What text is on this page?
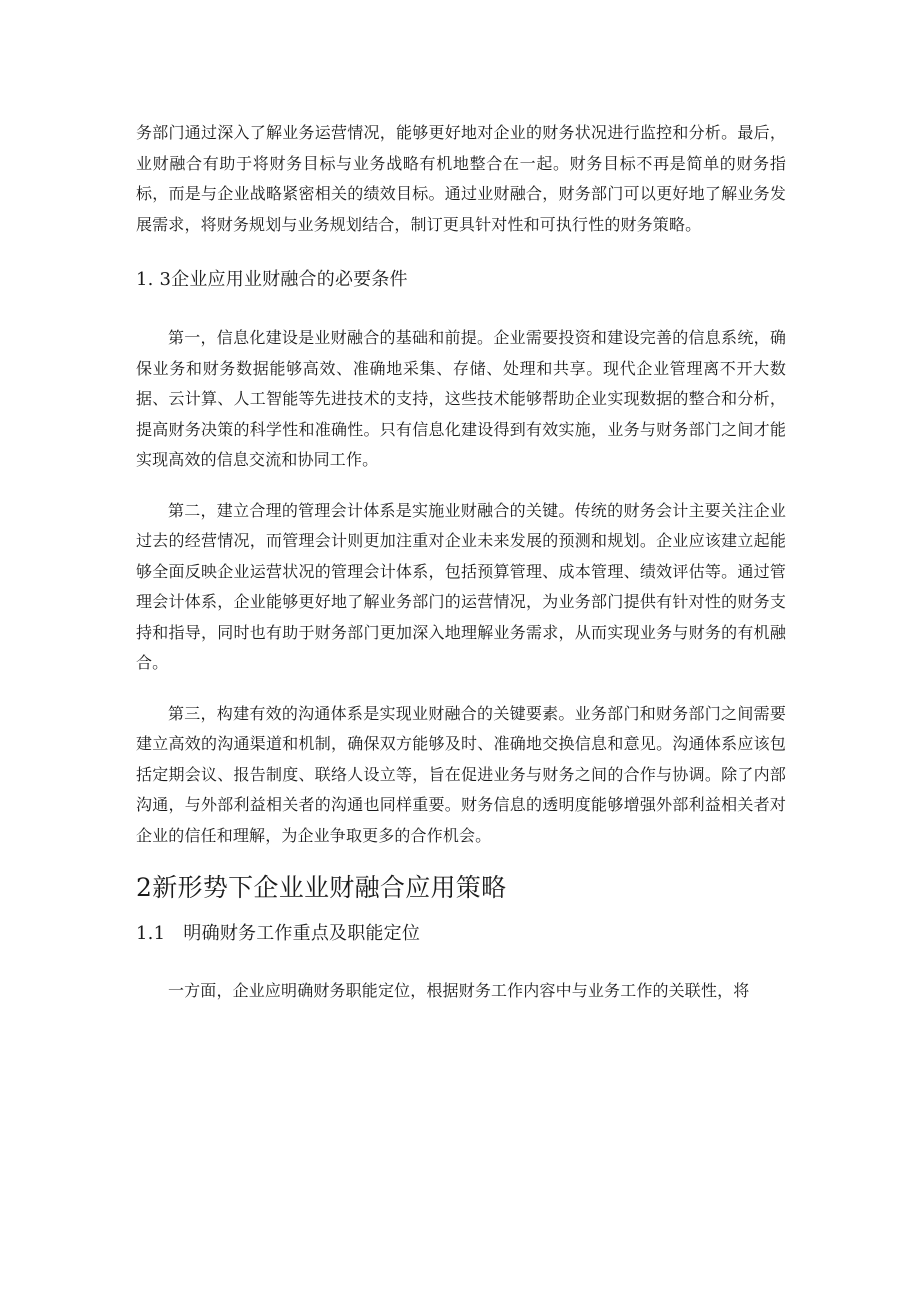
务部门通过深入了解业务运营情况，能够更好地对企业的财务状况进行监控和分析。最后，业财融合有助于将财务目标与业务战略有机地整合在一起。财务目标不再是简单的财务指标，而是与企业战略紧密相关的绩效目标。通过业财融合，财务部门可以更好地了解业务发展需求，将财务规划与业务规划结合，制订更具针对性和可执行性的财务策略。

1. 3企业应用业财融合的必要条件

第一，信息化建设是业财融合的基础和前提。企业需要投资和建设完善的信息系统，确保业务和财务数据能够高效、准确地采集、存储、处理和共享。现代企业管理离不开大数据、云计算、人工智能等先进技术的支持，这些技术能够帮助企业实现数据的整合和分析，提高财务决策的科学性和准确性。只有信息化建设得到有效实施，业务与财务部门之间才能实现高效的信息交流和协同工作。

第二，建立合理的管理会计体系是实施业财融合的关键。传统的财务会计主要关注企业过去的经营情况，而管理会计则更加注重对企业未来发展的预测和规划。企业应该建立起能够全面反映企业运营状况的管理会计体系，包括预算管理、成本管理、绩效评估等。通过管理会计体系，企业能够更好地了解业务部门的运营情况，为业务部门提供有针对性的财务支持和指导，同时也有助于财务部门更加深入地理解业务需求，从而实现业务与财务的有机融合。

第三，构建有效的沟通体系是实现业财融合的关键要素。业务部门和财务部门之间需要建立高效的沟通渠道和机制，确保双方能够及时、准确地交换信息和意见。沟通体系应该包括定期会议、报告制度、联络人设立等，旨在促进业务与财务之间的合作与协调。除了内部沟通，与外部利益相关者的沟通也同样重要。财务信息的透明度能够增强外部利益相关者对企业的信任和理解，为企业争取更多的合作机会。

2新形势下企业业财融合应用策略
1.1　明确财务工作重点及职能定位

一方面，企业应明确财务职能定位，根据财务工作内容中与业务工作的关联性，将
